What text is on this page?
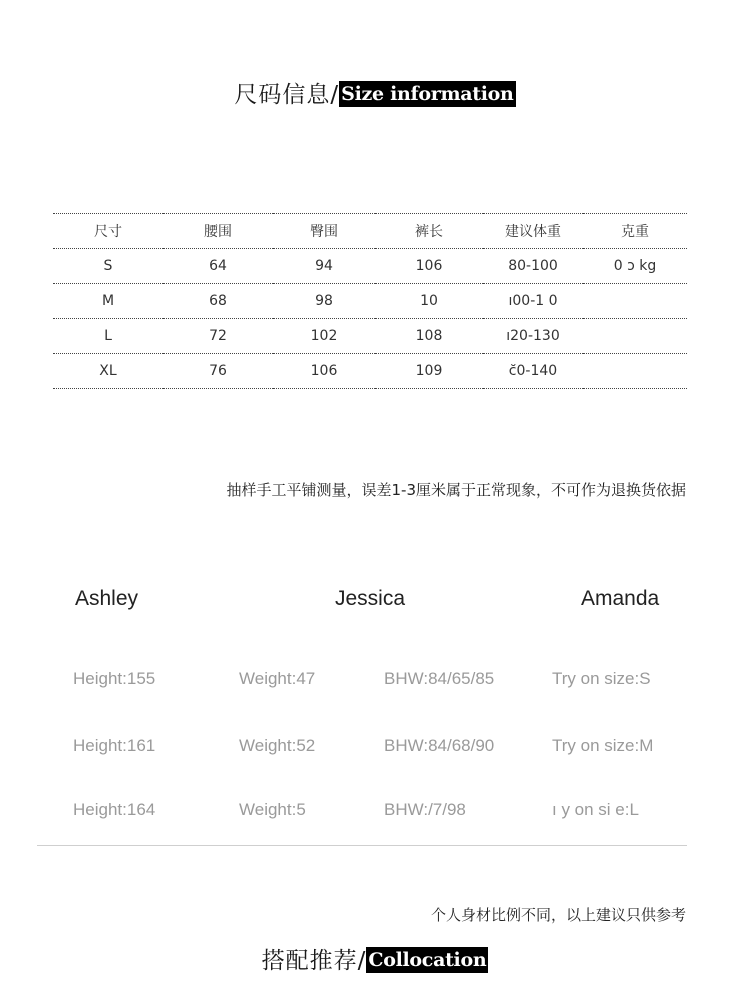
尺码信息/ Size information
尺寸	腰围	臀围	裤长	建议体重	克重
S	64	94	106	80-100	0 ɔ kg
M	68	98	10	ı00-1 0	
L	72	102	108	ı20-130	
XL	76	106	109	c̆0-140	
抽样手工平铺测量，误差1-3厘米属于正常现象，不可作为退换货依据
Ashley	Jessica	Amanda
Height:155	Weight:47	BHW:84/65/85	Try on size:S
Height:161	Weight:52	BHW:84/68/90	Try on size:M
Height:164	Weight:5	BHW:/7/98	ı y on si e:L
个人身材比例不同，以上建议只供参考
搭配推荐/ Collocation
